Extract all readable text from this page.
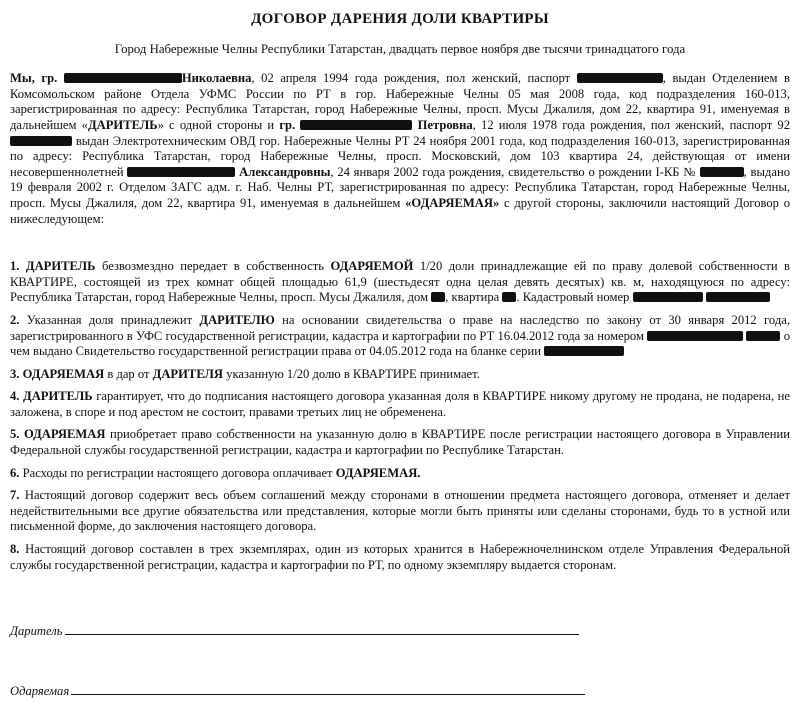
ДОГОВОР ДАРЕНИЯ ДОЛИ КВАРТИРЫ
Город Набережные Челны Республики Татарстан, двадцать первое ноября две тысячи тринадцатого года

Мы, гр.	Николаевна, 02 апреля 1994 года рождения, пол женский, паспорт	, выдан Отделением в Комсомольском районе Отдела УФМС России по РТ в гор. Набережные Челны 05 мая 2008 года, код подразделения 160-013, зарегистрированная по адресу: Республика Татарстан, город Набережные Челны, просп. Мусы Джалиля, дом 22, квартира 91, именуемая в дальнейшем «ДАРИТЕЛЬ» с одной стороны и гр.	Петровна, 12 июля 1978 года рождения, пол женский, паспорт 92  выдан Электротехническим ОВД гор. Набережные Челны РТ 24 ноября 2001 года, код подразделения 160-013, зарегистрированная по адресу: Республика Татарстан, город Набережные Челны, просп. Московский, дом 103 квартира 24, действующая от имени несовершеннолетней	Александровны, 24 января 2002 года рождения, свидетельство о рождении I-КБ №	, выдано 19 февраля 2002 г. Отделом ЗАГС адм. г. Наб. Челны РТ, зарегистрированная по адресу: Республика Татарстан, город Набережные Челны, просп. Мусы Джалиля, дом 22, квартира 91, именуемая в дальнейшем «ОДАРЯЕМАЯ» с другой стороны, заключили настоящий Договор о нижеследующем:

1. ДАРИТЕЛЬ безвозмездно передает в собственность ОДАРЯЕМОЙ 1/20 доли принадлежащие ей по праву долевой собственности в КВАРТИРЕ, состоящей из трех комнат общей площадью 61,9 (шестьдесят одна целая девять десятых) кв. м, находящуюся по адресу: Республика Татарстан, город Набережные Челны, просп. Мусы Джалиля, дом , квартира . Кадастровый номер

2. Указанная доля принадлежит ДАРИТЕЛЮ на основании свидетельства о праве на наследство по закону от 30 января 2012 года, зарегистрированного в УФС государственной регистрации, кадастра и картографии по РТ 16.04.2012 года за номером	о чем выдано Свидетельство государственной регистрации права от 04.05.2012 года на бланке серии

3. ОДАРЯЕМАЯ в дар от ДАРИТЕЛЯ указанную 1/20 долю в КВАРТИРЕ принимает.

4. ДАРИТЕЛЬ гарантирует, что до подписания настоящего договора указанная доля в КВАРТИРЕ никому другому не продана, не подарена, не заложена, в споре и под арестом не состоит, правами третьих лиц не обременена.

5. ОДАРЯЕМАЯ приобретает право собственности на указанную долю в КВАРТИРЕ после регистрации настоящего договора в Управлении Федеральной службы государственной регистрации, кадастра и картографии по Республике Татарстан.

6. Расходы по регистрации настоящего договора оплачивает ОДАРЯЕМАЯ.

7. Настоящий договор содержит весь объем соглашений между сторонами в отношении предмета настоящего договора, отменяет и делает недействительными все другие обязательства или представления, которые могли быть приняты или сделаны сторонами, будь то в устной или письменной форме, до заключения настоящего договора.

8. Настоящий договор составлен в трех экземплярах, один из которых хранится в Набережночелнинском отделе Управления Федеральной службы государственной регистрации, кадастра и картографии по РТ, по одному экземпляру выдается сторонам.

Даритель
Одаряемая
